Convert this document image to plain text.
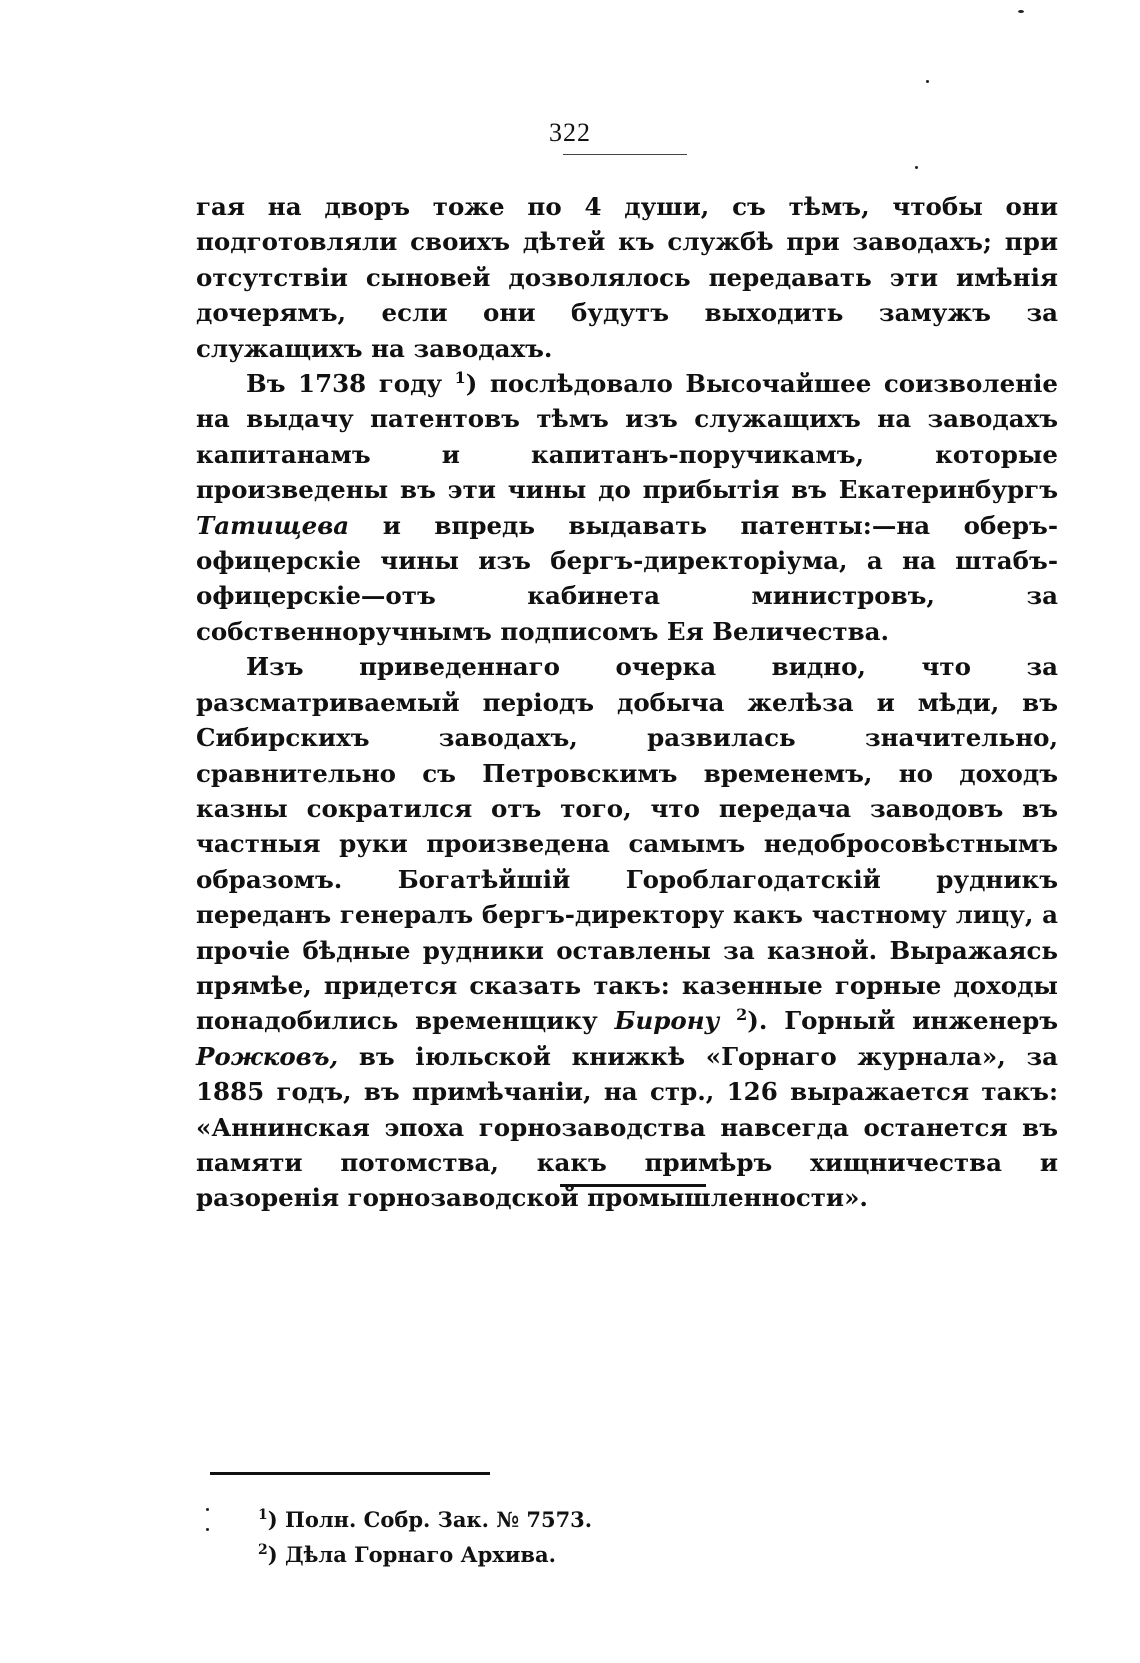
322

гая на дворъ тоже по 4 души, съ тѣмъ, чтобы они подготовляли своихъ дѣтей къ службѣ при заводахъ; при отсутствіи сыновей дозволялось передавать эти имѣнія дочерямъ, если они будутъ выходить замужъ за служащихъ на заводахъ.

Въ 1738 году $^1$) послѣдовало Высочайшее соизволеніе на выдачу патентовъ тѣмъ изъ служащихъ на заводахъ капитанамъ и капитанъ-поручикамъ, которые произведены въ эти чины до прибытія въ Екатеринбургъ Татищева и впредь выдавать патенты:—на оберъ-офицерскіе чины изъ бергъ-директоріума, а на штабъ-офицерскіе—отъ кабинета министровъ, за собственноручнымъ подписомъ Ея Величества.

Изъ приведеннаго очерка видно, что за разсматриваемый періодъ добыча желѣза и мѣди, въ Сибирскихъ заводахъ, развилась значительно, сравнительно съ Петровскимъ временемъ, но доходъ казны сократился отъ того, что передача заводовъ въ частныя руки произведена самымъ недобросовѣстнымъ образомъ. Богатѣйшій Гороблагодатскій рудникъ переданъ генералъ бергъ-директору какъ частному лицу, а прочіе бѣдные рудники оставлены за казной. Выражаясь прямѣе, придется сказать такъ: казенные горные доходы понадобились временщику Бирону $^2$). Горный инженеръ Рожковъ, въ іюльской книжкѣ «Горнаго журнала», за 1885 годъ, въ примѣчаніи, на стр., 126 выражается такъ: «Аннинская эпоха горнозаводства навсегда останется въ памяти потомства, какъ примѣръ хищничества и разоренія горнозаводской промышленности».

$^1$) Полн. Собр. Зак. № 7573.
$^2$) Дѣла Горнаго Архива.
